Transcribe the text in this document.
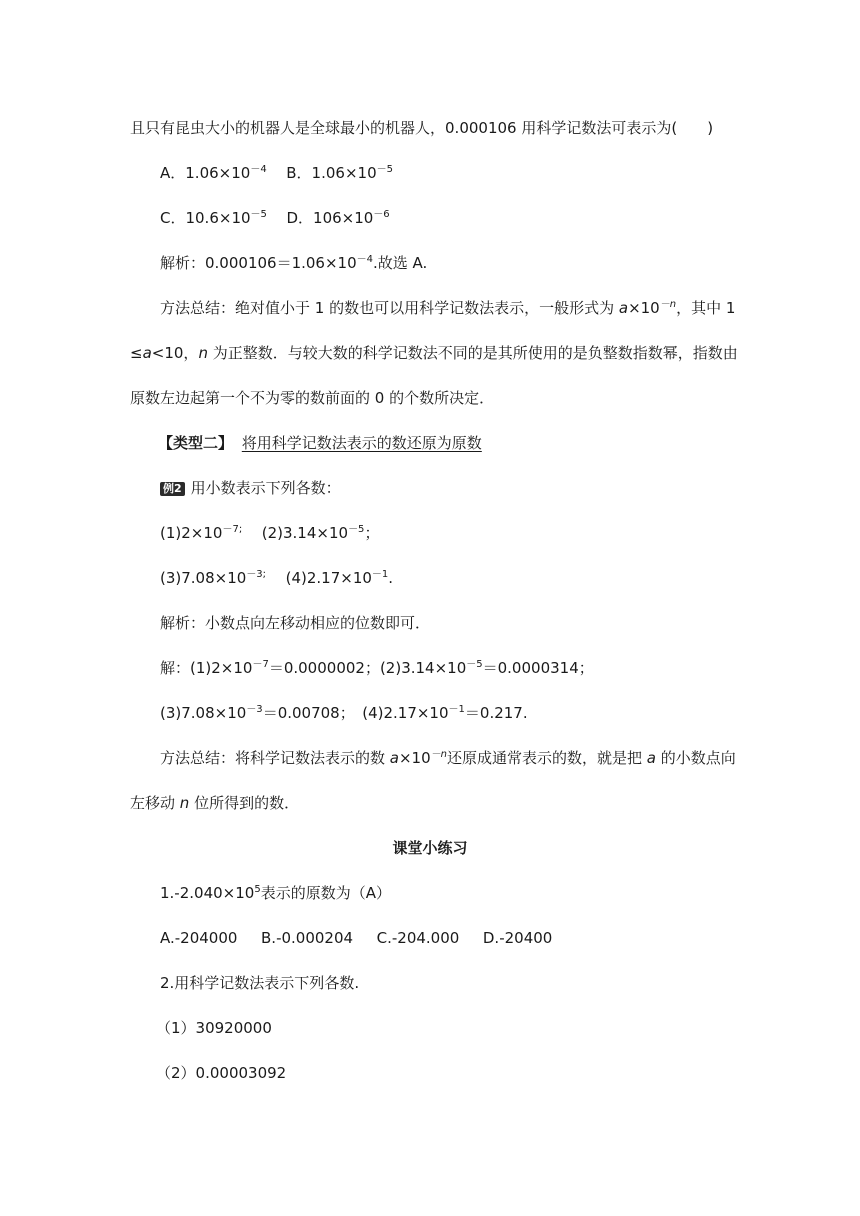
且只有昆虫大小的机器人是全球最小的机器人，0.000106 用科学记数法可表示为(　　)
A．$1.06\times 10^{-4}$ B．$1.06\times 10^{-5}$
C．$10.6\times 10^{-5}$ D．$106\times 10^{-6}$
解析：$0.000106=1.06\times 10^{-4}$.故选 A.
方法总结：绝对值小于 1 的数也可以用科学记数法表示，一般形式为 $a\times 10^{-n}$，其中 1
≤a<10，n 为正整数．与较大数的科学记数法不同的是其所使用的是负整数指数幂，指数由
原数左边起第一个不为零的数前面的 0 的个数所决定．
【类型二】 将用科学记数法表示的数还原为原数
例2 用小数表示下列各数：
$(1)2\times 10^{-7;}$ $(2)3.14\times 10^{-5}$；
$(3)7.08\times 10^{-3;}$ $(4)2.17\times 10^{-1}$.
解析：小数点向左移动相应的位数即可．
解：$(1)2\times 10^{-7}=0.0000002$；$(2)3.14\times 10^{-5}=0.0000314$；
$(3)7.08\times 10^{-3}=0.00708$；　$(4)2.17\times 10^{-1}=0.217$.
方法总结：将科学记数法表示的数 $a\times 10^{-n}$还原成通常表示的数，就是把 a 的小数点向
左移动 n 位所得到的数．
课堂小练习
$1.-2.040\times 10^5$表示的原数为（A）
A.-204000 B.-0.000204 C.-204.000 D.-20400
2.用科学记数法表示下列各数.
（1）30920000
（2）0.00003092
